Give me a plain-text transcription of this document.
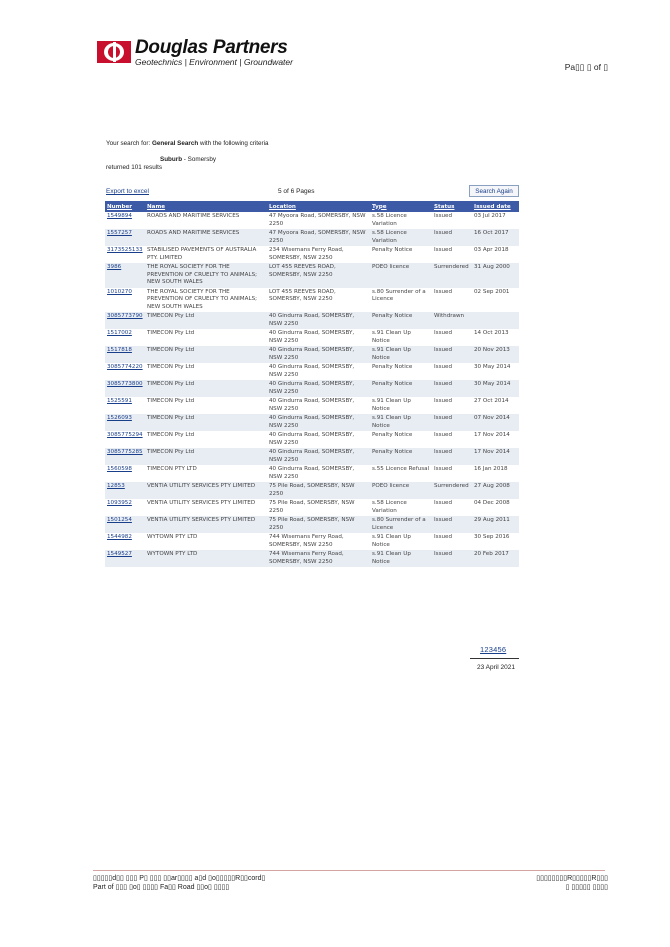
Douglas Partners
Geotechnics | Environment | Groundwater	Pa▯▯ ▯ of ▯
Your search for: General Search with the following criteria
Suburb - Somersby
returned 101 results
Export to excel	5 of 6 Pages	Search Again
Number	Name	Location	Type	Status	Issued date
1549894	ROADS AND MARITIME SERVICES	47 Myoora Road, SOMERSBY, NSW 2250	s.58 Licence Variation	Issued	03 Jul 2017
1557257	ROADS AND MARITIME SERVICES	47 Myoora Road, SOMERSBY, NSW 2250	s.58 Licence Variation	Issued	16 Oct 2017
3173525133	STABILISED PAVEMENTS OF AUSTRALIA PTY. LIMITED	234 Wisemans Ferry Road, SOMERSBY, NSW 2250	Penalty Notice	Issued	03 Apr 2018
3986	THE ROYAL SOCIETY FOR THE PREVENTION OF CRUELTY TO ANIMALS; NEW SOUTH WALES	LOT 455 REEVES ROAD, SOMERSBY, NSW 2250	POEO licence	Surrendered	31 Aug 2000
1010270	THE ROYAL SOCIETY FOR THE PREVENTION OF CRUELTY TO ANIMALS; NEW SOUTH WALES	LOT 455 REEVES ROAD, SOMERSBY, NSW 2250	s.80 Surrender of a Licence	Issued	02 Sep 2001
3085773790	TIMECON Pty Ltd	40 Gindurra Road, SOMERSBY, NSW 2250	Penalty Notice	Withdrawn	
1517002	TIMECON Pty Ltd	40 Gindurra Road, SOMERSBY, NSW 2250	s.91 Clean Up Notice	Issued	14 Oct 2013
1517818	TIMECON Pty Ltd	40 Gindurra Road, SOMERSBY, NSW 2250	s.91 Clean Up Notice	Issued	20 Nov 2013
3085774220	TIMECON Pty Ltd	40 Gindurra Road, SOMERSBY, NSW 2250	Penalty Notice	Issued	30 May 2014
3085773800	TIMECON Pty Ltd	40 Gindurra Road, SOMERSBY, NSW 2250	Penalty Notice	Issued	30 May 2014
1525591	TIMECON Pty Ltd	40 Gindurra Road, SOMERSBY, NSW 2250	s.91 Clean Up Notice	Issued	27 Oct 2014
1526093	TIMECON Pty Ltd	40 Gindurra Road, SOMERSBY, NSW 2250	s.91 Clean Up Notice	Issued	07 Nov 2014
3085775294	TIMECON Pty Ltd	40 Gindurra Road, SOMERSBY, NSW 2250	Penalty Notice	Issued	17 Nov 2014
3085775285	TIMECON Pty Ltd	40 Gindurra Road, SOMERSBY, NSW 2250	Penalty Notice	Issued	17 Nov 2014
1560598	TIMECON PTY LTD	40 Gindurra Road, SOMERSBY, NSW 2250	s.55 Licence Refusal	Issued	16 Jan 2018
12853	VENTIA UTILITY SERVICES PTY LIMITED	75 Pile Road, SOMERSBY, NSW 2250	POEO licence	Surrendered	27 Aug 2008
1093952	VENTIA UTILITY SERVICES PTY LIMITED	75 Pile Road, SOMERSBY, NSW 2250	s.58 Licence Variation	Issued	04 Dec 2008
1501254	VENTIA UTILITY SERVICES PTY LIMITED	75 Pile Road, SOMERSBY, NSW 2250	s.80 Surrender of a Licence	Issued	29 Aug 2011
1544982	WYTOWN PTY LTD	744 Wisemans Ferry Road, SOMERSBY, NSW 2250	s.91 Clean Up Notice	Issued	30 Sep 2016
1549527	WYTOWN PTY LTD	744 Wisemans Ferry Road, SOMERSBY, NSW 2250	s.91 Clean Up Notice	Issued	20 Feb 2017
123456
23 April 2021
▯▯▯▯▯d▯▯ ▯▯▯ P▯ ▯▯▯ ▯▯ar▯▯▯▯ a▯d ▯o▯▯▯▯▯R▯▯cord▯
Part of ▯▯▯ ▯o▯ ▯▯▯▯ Fa▯▯ Road ▯▯o▯ ▯▯▯▯
▯▯▯▯▯▯▯▯R▯▯▯▯▯R▯▯▯
▯ ▯▯▯▯▯ ▯▯▯▯
